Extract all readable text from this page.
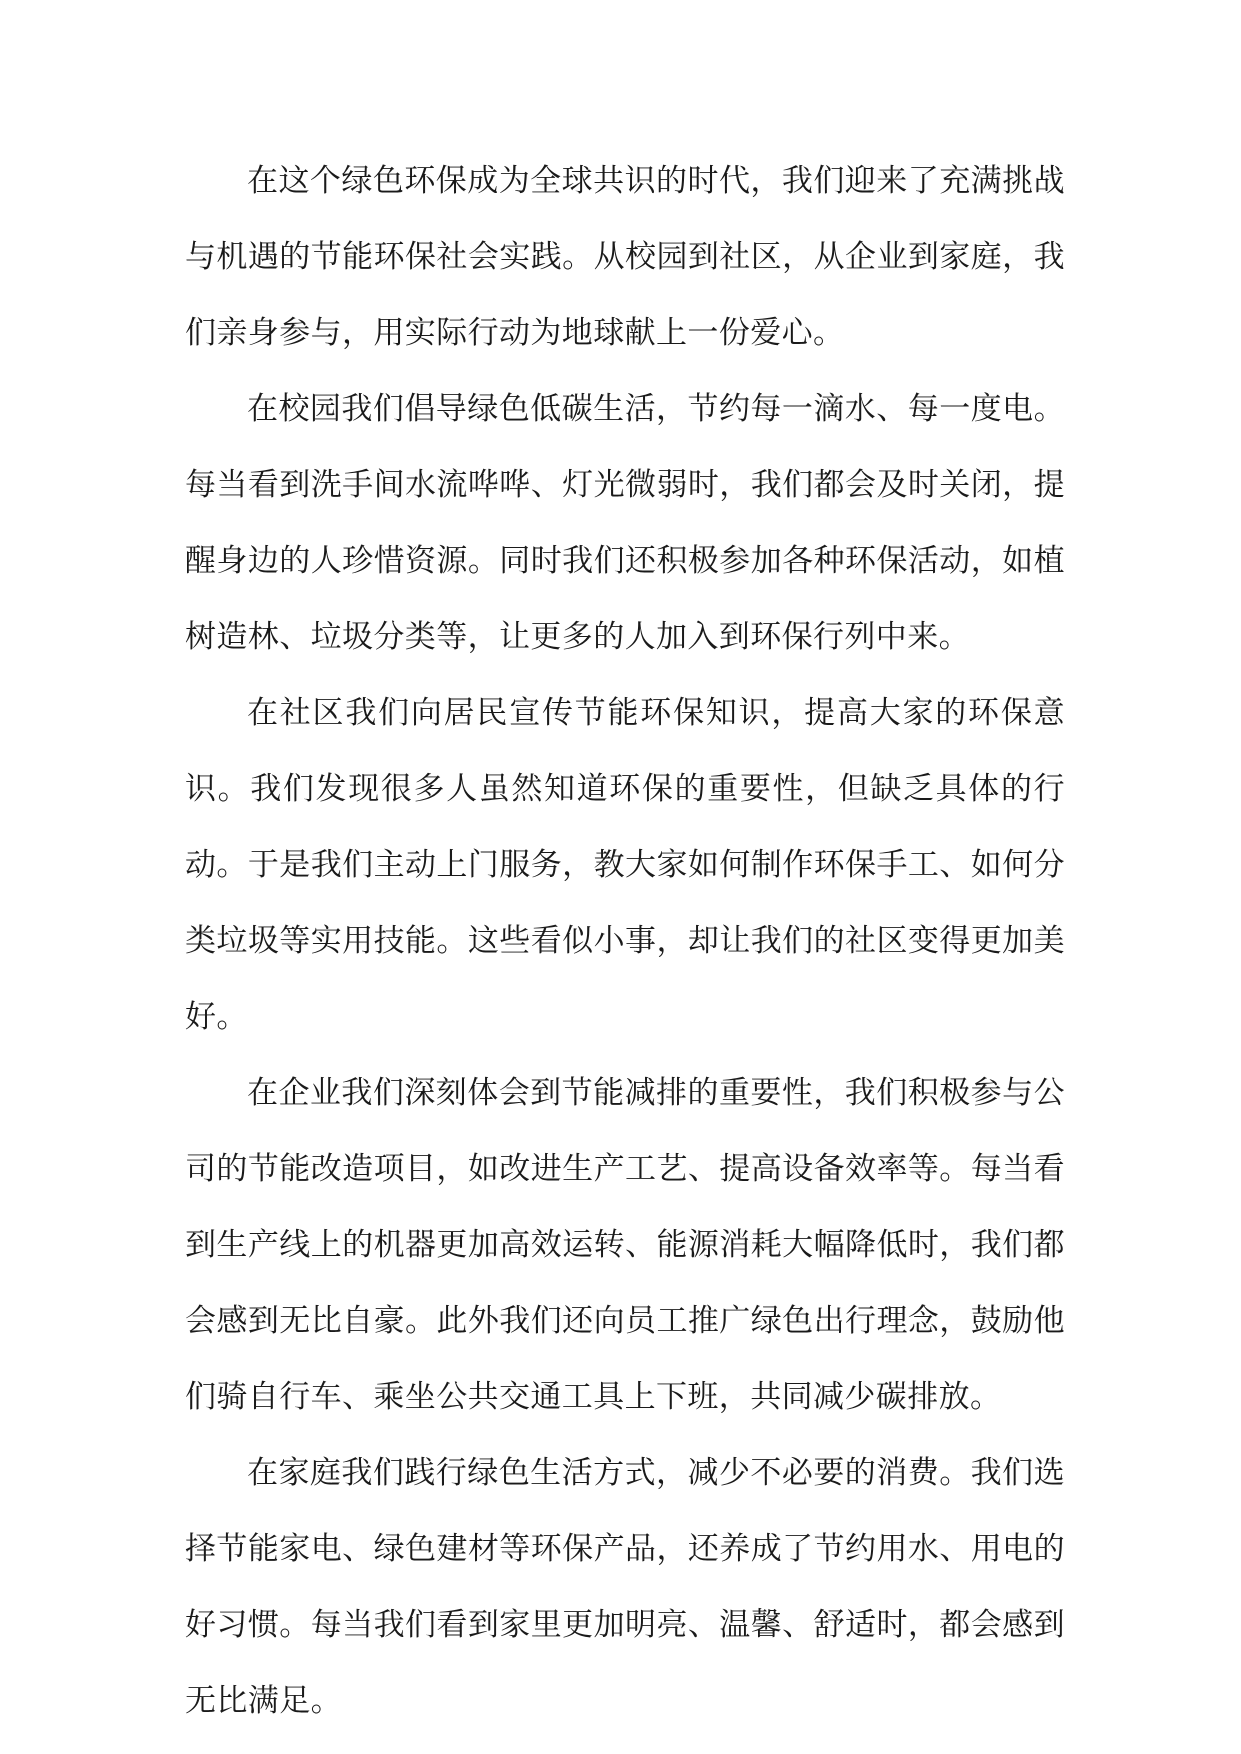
在这个绿色环保成为全球共识的时代，我们迎来了充满挑战与机遇的节能环保社会实践。从校园到社区，从企业到家庭，我们亲身参与，用实际行动为地球献上一份爱心。

在校园我们倡导绿色低碳生活，节约每一滴水、每一度电。每当看到洗手间水流哗哗、灯光微弱时，我们都会及时关闭，提醒身边的人珍惜资源。同时我们还积极参加各种环保活动，如植树造林、垃圾分类等，让更多的人加入到环保行列中来。

在社区我们向居民宣传节能环保知识，提高大家的环保意识。我们发现很多人虽然知道环保的重要性，但缺乏具体的行动。于是我们主动上门服务，教大家如何制作环保手工、如何分类垃圾等实用技能。这些看似小事，却让我们的社区变得更加美好。

在企业我们深刻体会到节能减排的重要性，我们积极参与公司的节能改造项目，如改进生产工艺、提高设备效率等。每当看到生产线上的机器更加高效运转、能源消耗大幅降低时，我们都会感到无比自豪。此外我们还向员工推广绿色出行理念，鼓励他们骑自行车、乘坐公共交通工具上下班，共同减少碳排放。

在家庭我们践行绿色生活方式，减少不必要的消费。我们选择节能家电、绿色建材等环保产品，还养成了节约用水、用电的好习惯。每当我们看到家里更加明亮、温馨、舒适时，都会感到无比满足。
